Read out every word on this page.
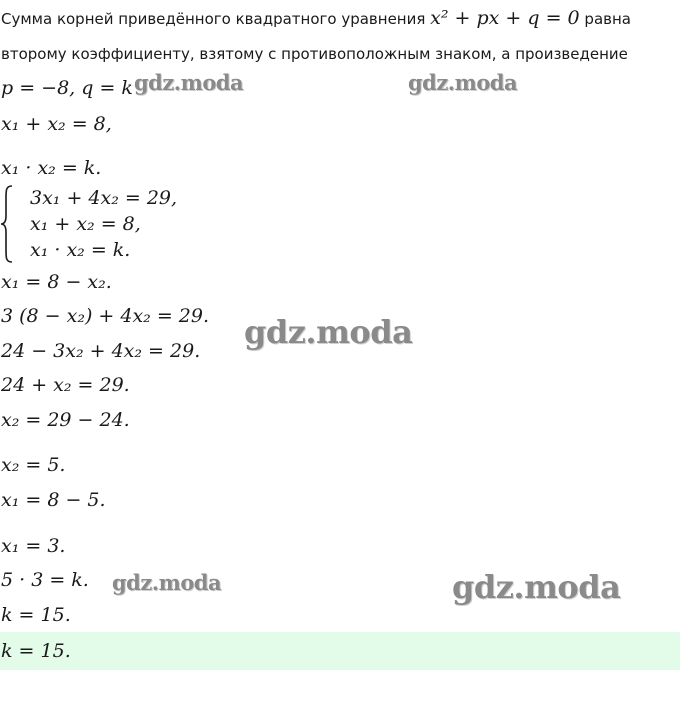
Сумма корней приведённого квадратного уравнения x² + px + q = 0 равна
второму коэффициенту, взятому с противоположным знаком, а произведение
p = −8, q = k
x₁ + x₂ = 8,
x₁ · x₂ = k.
3x₁ + 4x₂ = 29,
x₁ + x₂ = 8,
x₁ · x₂ = k.
x₁ = 8 − x₂.
3 (8 − x₂) + 4x₂ = 29.
24 − 3x₂ + 4x₂ = 29.
24 + x₂ = 29.
x₂ = 29 − 24.
x₂ = 5.
x₁ = 8 − 5.
x₁ = 3.
5 · 3 = k.
k = 15.
k = 15.
gdz.moda	gdz.moda
gdz.moda
gdz.moda	gdz.moda
